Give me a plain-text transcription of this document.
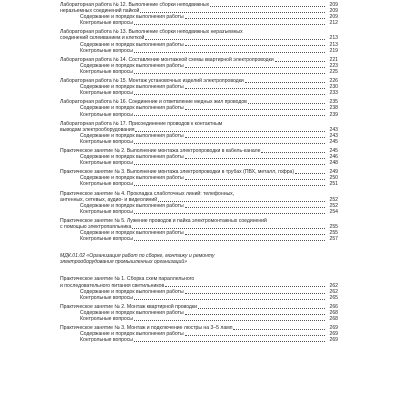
Лабораторная работа № 12. Выполнение сборки неподвижных	209
неразъемных соединений пайкой	209
Содержание и порядок выполнения работы	209
Контрольные вопросы	212
Лабораторная работа № 13. Выполнение сборки неподвижных неразъемных
соединений склеиванием и клеткой	213
Содержание и порядок выполнения работы	213
Контрольные вопросы	219
Лабораторная работа № 14. Составление монтажной схемы квартирной электропроводки	221
Содержание и порядок выполнения работы	223
Контрольные вопросы	225
Лабораторная работа № 15. Монтаж установочных изделий электропроводки	226
Содержание и порядок выполнения работы	230
Контрольные вопросы	233
Лабораторная работа № 16. Соединение и ответвление медных жил проводов	235
Содержание и порядок выполнения работы	238
Контрольные вопросы	239
Лабораторная работа № 17. Присоединение проводов к контактным
выводам электрооборудования	243
Содержание и порядок выполнения работы	243
Контрольные вопросы	245
Практическое занятие № 2. Выполнение монтажа электропроводки в кабель-канале	245
Содержание и порядок выполнения работы	246
Контрольные вопросы	248
Практическое занятие № 3. Выполнение монтажа электропроводки в трубах (ПВХ, металл, гофра)	249
Содержание и порядок выполнения работы	250
Контрольные вопросы	251
Практическое занятие № 4. Прокладка слаботочных линий: телефонных,
антенных, сетевых, аудио- и видеолиний	252
Содержание и порядок выполнения работы	252
Контрольные вопросы	254
Практическое занятие № 5. Лужение проводов и пайка электромонтажных соединений
с помощью электропаяльника	255
Содержание и порядок выполнения работы	255
Контрольные вопросы	257
МДК.01.02 «Организация работ по сборке, монтажу и ремонту
электрооборудования промышленных организаций»
Практическое занятие № 1. Сборка схем параллельного
и последовательного питания светильников	262
Содержание и порядок выполнения работы	262
Контрольные вопросы	265
Практическое занятие № 2. Монтаж квартирной проводки	266
Содержание и порядок выполнения работы	268
Контрольные вопросы	268
Практическое занятие № 3. Монтаж и подключение люстры на 3–5 ламп	269
Содержание и порядок выполнения работы	269
Контрольные вопросы	269
